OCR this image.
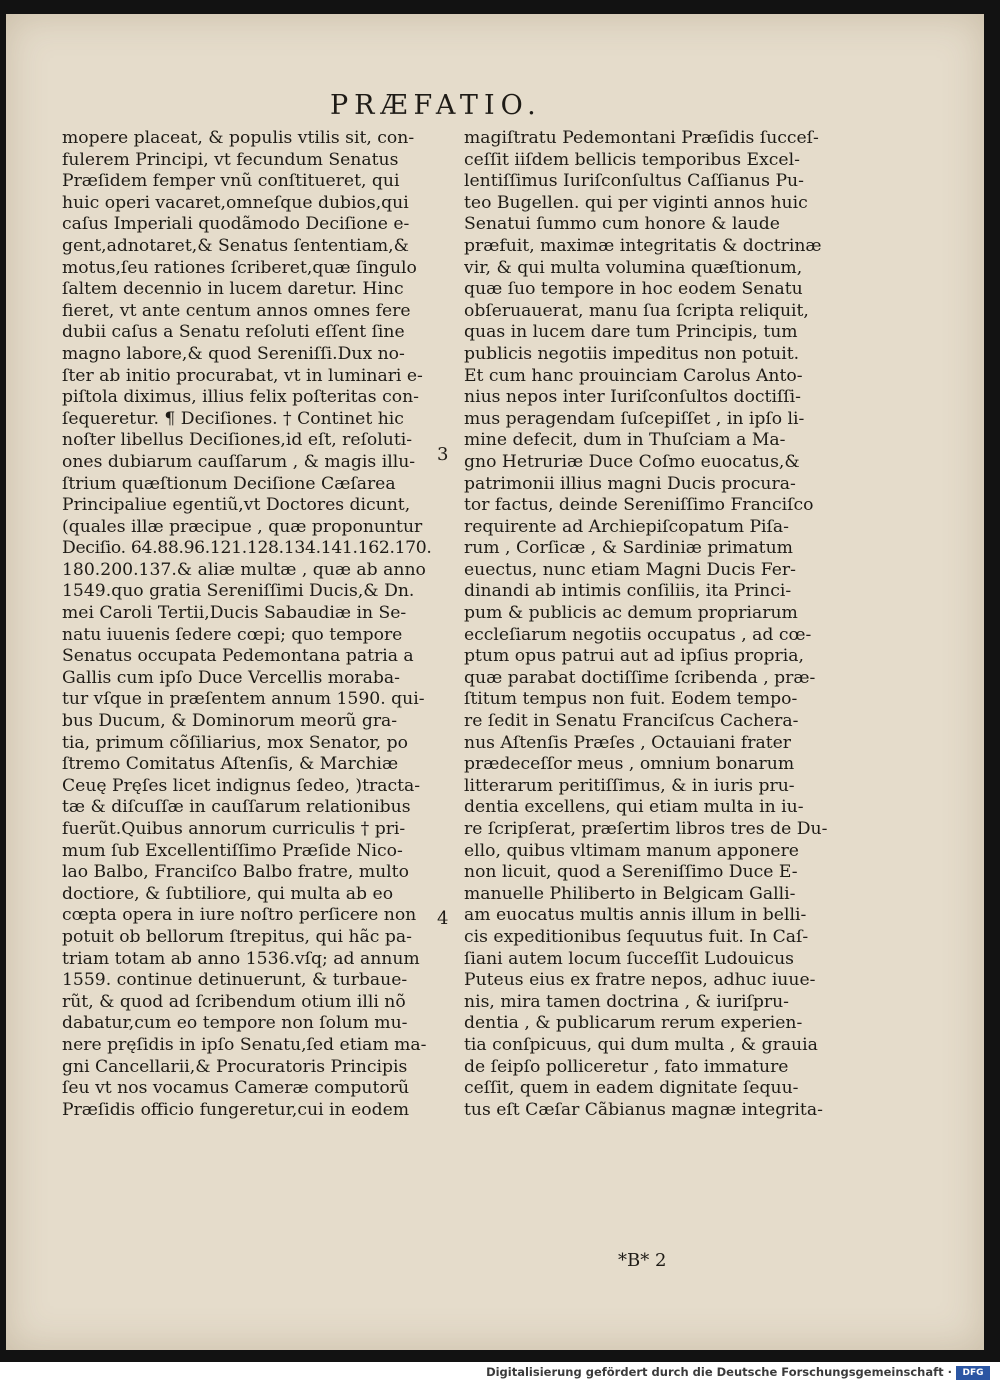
PRÆFATIO.
mopere placeat, & populis vtilis sit, con-
fulerem Principi, vt fecundum Senatus
Præſidem femper vnũ conſtitueret, qui
huic operi vacaret,omneſque dubios,qui
caſus Imperiali quodãmodo Deciſione e-
gent,adnotaret,& Senatus ſententiam,&
motus,ſeu rationes ſcriberet,quæ ſingulo
ſaltem decennio in lucem daretur. Hinc
fieret, vt ante centum annos omnes fere
dubii caſus a Senatu reſoluti eſſent ſine
magno labore,& quod Sereniſſi.Dux no-
ſter ab initio procurabat, vt in luminari e-
piſtola diximus, illius felix poſteritas con-
ſequeretur. ¶ Deciſiones. † Continet hic
noſter libellus Deciſiones,id eſt, reſoluti-
ones dubiarum cauſſarum , & magis illu-
ſtrium quæſtionum Deciſione Cæſarea
Principaliue egentiũ,vt Doctores dicunt,
(quales illæ præcipue , quæ proponuntur
Deciſio. 64.88.96.121.128.134.141.162.170.
180.200.137.& aliæ multæ , quæ ab anno
1549.quo gratia Sereniſſimi Ducis,& Dn.
mei Caroli Tertii,Ducis Sabaudiæ in Se-
natu iuuenis ſedere cœpi; quo tempore
Senatus occupata Pedemontana patria a
Gallis cum ipſo Duce Vercellis moraba-
tur vſque in præſentem annum 1590. qui-
bus Ducum, & Dominorum meorũ gra-
tia, primum cõſiliarius, mox Senator, po
ſtremo Comitatus Aſtenſis, & Marchiæ
Ceuę Pręſes licet indignus ſedeo, )tracta-
tæ & diſcuſſæ in cauſſarum relationibus
fuerũt.Quibus annorum curriculis † pri-
mum ſub Excellentiſſimo Præſide Nico-
lao Balbo, Franciſco Balbo fratre, multo
doctiore, & ſubtiliore, qui multa ab eo
cœpta opera in iure noſtro perſicere non
potuit ob bellorum ſtrepitus, qui hãc pa-
triam totam ab anno 1536.vſq; ad annum
1559. continue detinuerunt, & turbaue-
rũt, & quod ad ſcribendum otium illi nõ
dabatur,cum eo tempore non ſolum mu-
nere pręſidis in ipſo Senatu,ſed etiam ma-
gni Cancellarii,& Procuratoris Principis
ſeu vt nos vocamus Cameræ computorũ
Præſidis officio fungeretur,cui in eodem
magiſtratu Pedemontani Præſidis ſucceſ-
ceſſit iiſdem bellicis temporibus Excel-
lentiſſimus Iuriſconſultus Caſſianus Pu-
teo Bugellen. qui per viginti annos huic
Senatui ſummo cum honore & laude
præfuit, maximæ integritatis & doctrinæ
vir, & qui multa volumina quæſtionum,
quæ ſuo tempore in hoc eodem Senatu
obſeruauerat, manu ſua ſcripta reliquit,
quas in lucem dare tum Principis, tum
publicis negotiis impeditus non potuit.
Et cum hanc prouinciam Carolus Anto-
nius nepos inter Iuriſconſultos doctiſſi-
mus peragendam ſuſcepiſſet , in ipſo li-
mine defecit, dum in Thuſciam a Ma-
gno Hetruriæ Duce Coſmo euocatus,&
patrimonii illius magni Ducis procura-
tor factus, deinde Sereniſſimo Franciſco
requirente ad Archiepiſcopatum Piſa-
rum , Corſicæ , & Sardiniæ primatum
euectus, nunc etiam Magni Ducis Fer-
dinandi ab intimis conſiliis, ita Princi-
pum & publicis ac demum propriarum
eccleſiarum negotiis occupatus , ad cœ-
ptum opus patrui aut ad ipſius propria,
quæ parabat doctiſſime ſcribenda , præ-
ſtitum tempus non fuit. Eodem tempo-
re ſedit in Senatu Franciſcus Cachera-
nus Aſtenſis Præſes , Octauiani frater
prædeceſſor meus , omnium bonarum
litterarum peritiſſimus, & in iuris pru-
dentia excellens, qui etiam multa in iu-
re ſcripſerat, præſertim libros tres de Du-
ello, quibus vltimam manum apponere
non licuit, quod a Sereniſſimo Duce E-
manuelle Philiberto in Belgicam Galli-
am euocatus multis annis illum in belli-
cis expeditionibus ſequutus fuit. In Caſ-
ſiani autem locum ſucceſſit Ludouicus
Puteus eius ex fratre nepos, adhuc iuue-
nis, mira tamen doctrina , & iuriſpru-
dentia , & publicarum rerum experien-
tia conſpicuus, qui dum multa , & grauia
de ſeipſo polliceretur , fato immature
ceſſit, quem in eadem dignitate ſequu-
tus eſt Cæſar Cãbianus magnæ integrita-
3
4
*B* 2
Digitalisierung gefördert durch die Deutsche Forschungsgemeinschaft ·	DFG
